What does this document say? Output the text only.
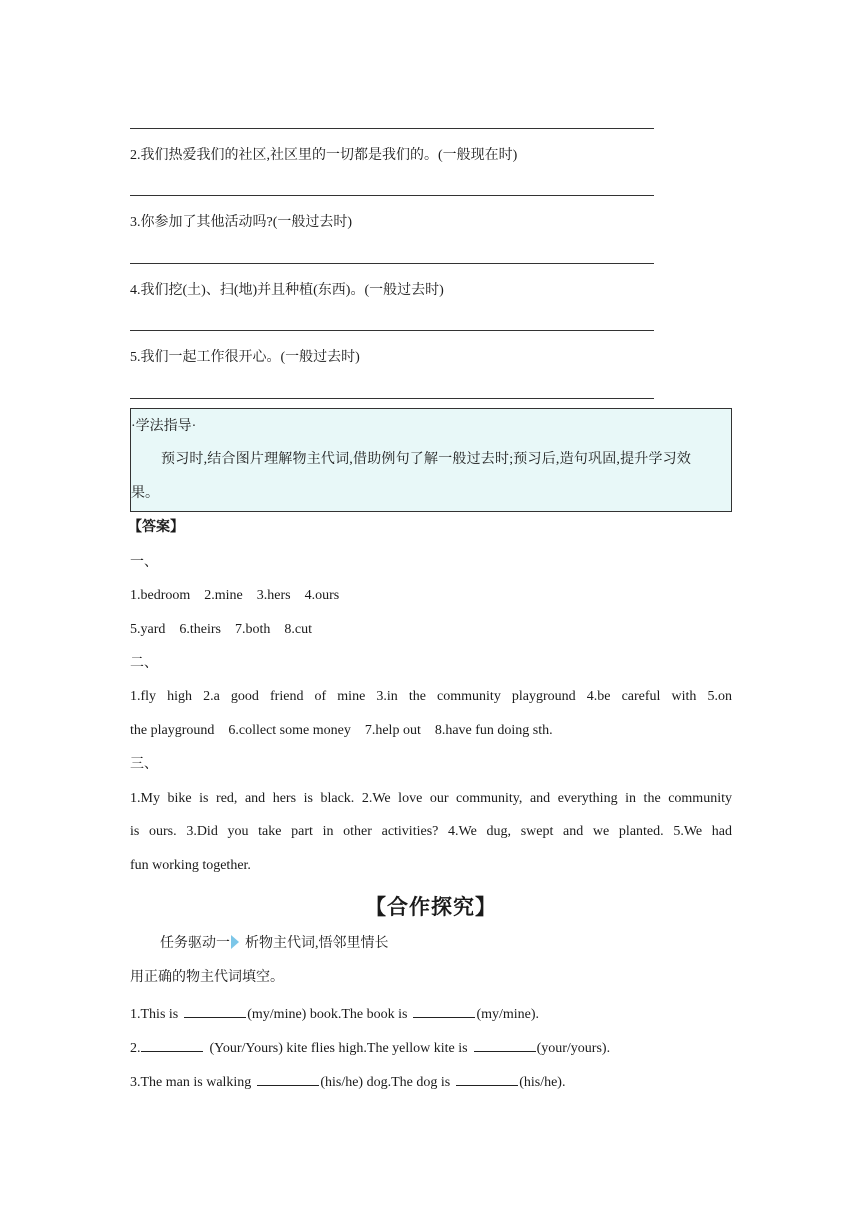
2.我们热爱我们的社区,社区里的一切都是我们的。(一般现在时)
3.你参加了其他活动吗?(一般过去时)
4.我们挖(土)、扫(地)并且种植(东西)。(一般过去时)
5.我们一起工作很开心。(一般过去时)
·学法指导·
预习时,结合图片理解物主代词,借助例句了解一般过去时;预习后,造句巩固,提升学习效
果。
【答案】
一、
1.bedroom　2.mine　3.hers　4.ours
5.yard　6.theirs　7.both　8.cut
二、
1.fly high 2.a good friend of mine 3.in the community playground 4.be careful with 5.on
the playground　6.collect some money　7.help out　8.have fun doing sth.
三、
1.My bike is red, and hers is black. 2.We love our community, and everything in the community
is ours. 3.Did you take part in other activities? 4.We dug, swept and we planted. 5.We had
fun working together.
【合作探究】
任务驱动一 析物主代词,悟邻里情长
用正确的物主代词填空。
1.This is	(my/mine) book.The book is	(my/mine).
2.	(Your/Yours) kite flies high.The yellow kite is	(your/yours).
3.The man is walking	(his/he) dog.The dog is	(his/he).
